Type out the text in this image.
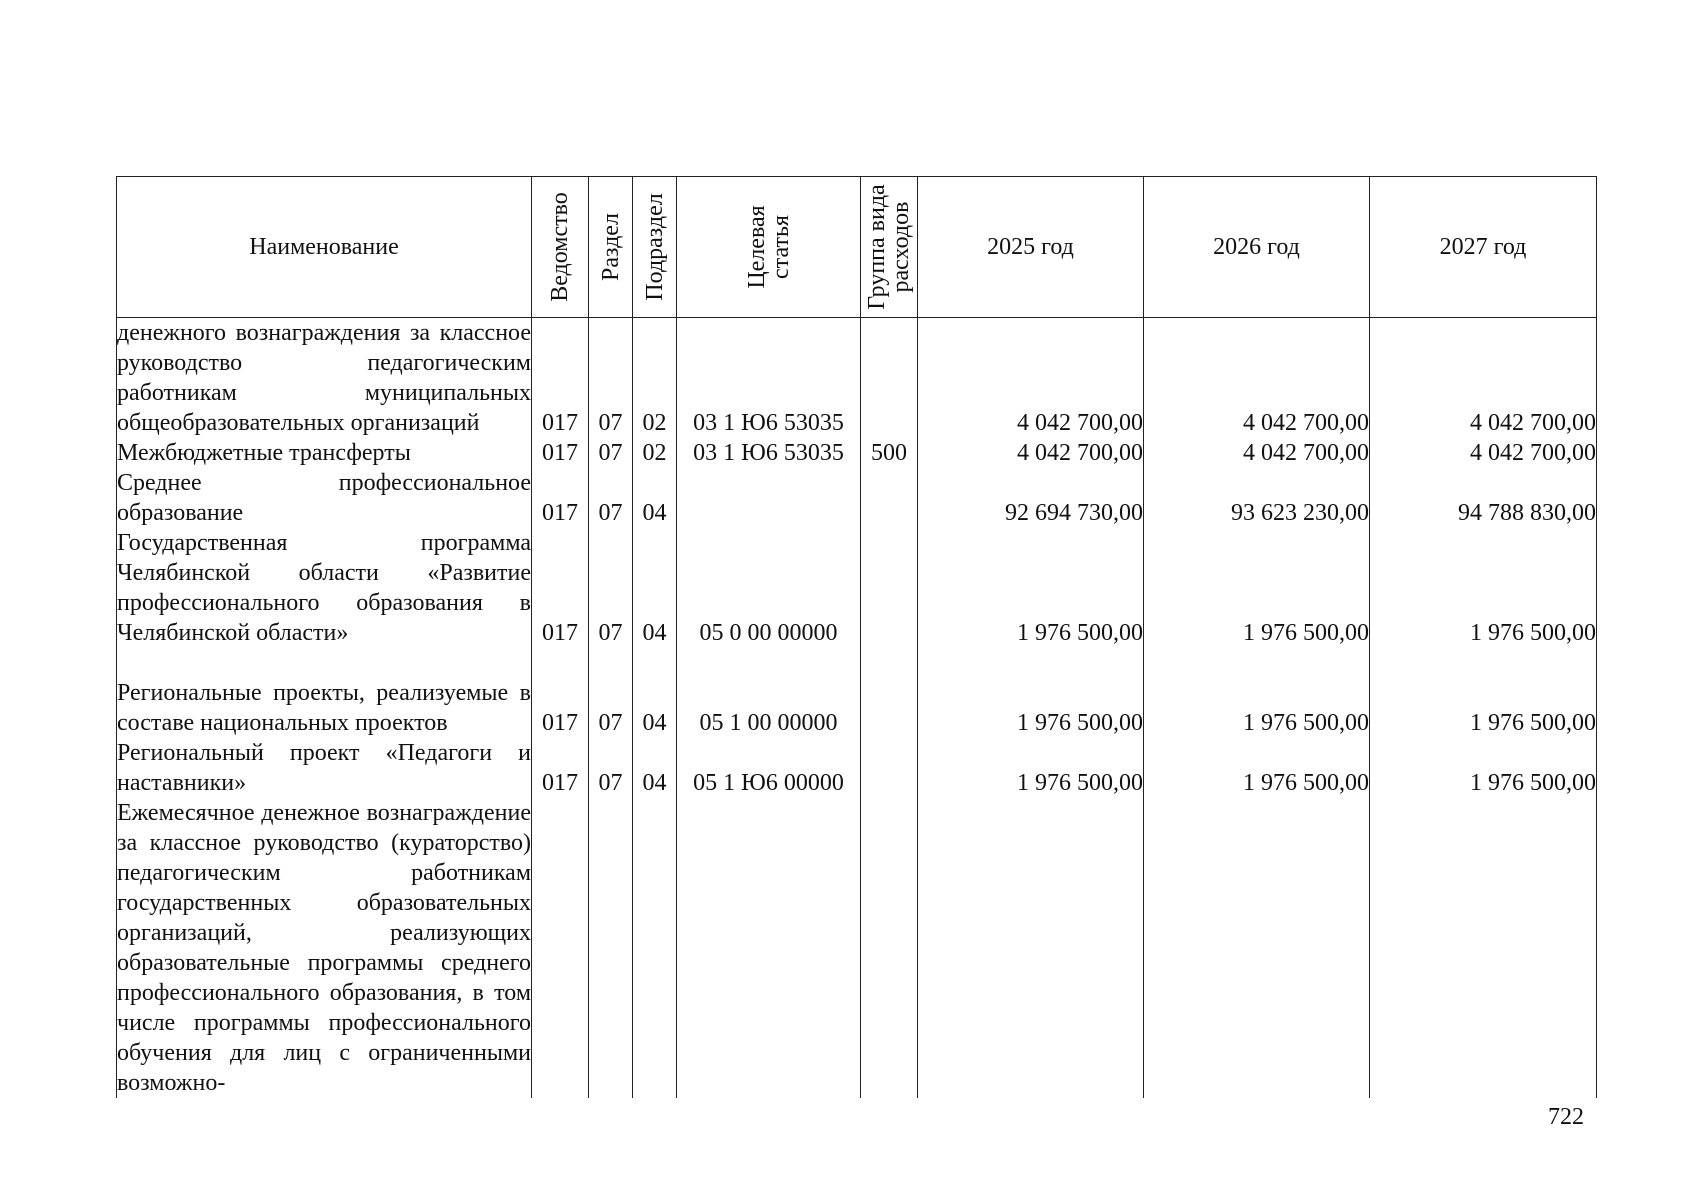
Наименование	Ведомство	Раздел	Подраздел	Целевая статья	Группа вида расходов	2025 год	2026 год	2027 год
денежного вознаграждения за классное руководство педагогическим работникам муниципальных общеобразовательных организаций	017	07	02	03 1 Ю6 53035		4 042 700,00	4 042 700,00	4 042 700,00
Межбюджетные трансферты	017	07	02	03 1 Ю6 53035	500	4 042 700,00	4 042 700,00	4 042 700,00
Среднее профессиональное образование	017	07	04			92 694 730,00	93 623 230,00	94 788 830,00
Государственная программа Челябинской области «Развитие профессионального образования в Челябинской области»	017	07	04	05 0 00 00000		1 976 500,00	1 976 500,00	1 976 500,00
Региональные проекты, реализуемые в составе национальных проектов	017	07	04	05 1 00 00000		1 976 500,00	1 976 500,00	1 976 500,00
Региональный проект «Педагоги и наставники»	017	07	04	05 1 Ю6 00000		1 976 500,00	1 976 500,00	1 976 500,00
Ежемесячное денежное вознаграждение за классное руководство (кураторство) педагогическим работникам государственных образовательных организаций, реализующих образовательные программы среднего профессионального образования, в том числе программы профессионального обучения для лиц с ограниченными возможно-								
722
